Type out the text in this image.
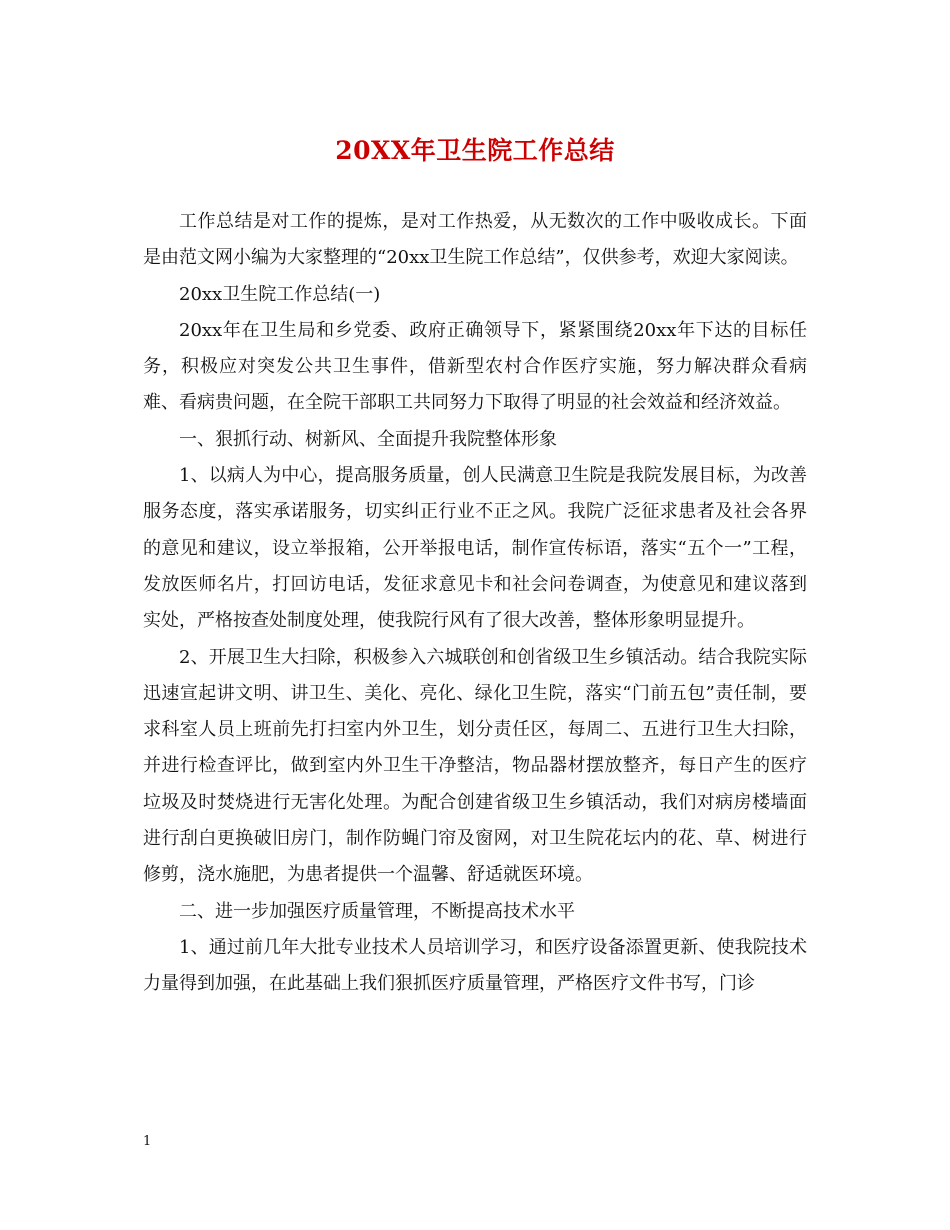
20XX年卫生院工作总结

工作总结是对工作的提炼，是对工作热爱，从无数次的工作中吸收成长。下面是由范文网小编为大家整理的“20xx卫生院工作总结”，仅供参考，欢迎大家阅读。

20xx卫生院工作总结(一)

20xx年在卫生局和乡党委、政府正确领导下，紧紧围绕20xx年下达的目标任务，积极应对突发公共卫生事件，借新型农村合作医疗实施，努力解决群众看病难、看病贵问题，在全院干部职工共同努力下取得了明显的社会效益和经济效益。

一、狠抓行动、树新风、全面提升我院整体形象

1、以病人为中心，提高服务质量，创人民满意卫生院是我院发展目标，为改善服务态度，落实承诺服务，切实纠正行业不正之风。我院广泛征求患者及社会各界的意见和建议，设立举报箱，公开举报电话，制作宣传标语，落实“五个一”工程，发放医师名片，打回访电话，发征求意见卡和社会问卷调查，为使意见和建议落到实处，严格按查处制度处理，使我院行风有了很大改善，整体形象明显提升。

2、开展卫生大扫除，积极参入六城联创和创省级卫生乡镇活动。结合我院实际迅速宣起讲文明、讲卫生、美化、亮化、绿化卫生院，落实“门前五包”责任制，要求科室人员上班前先打扫室内外卫生，划分责任区，每周二、五进行卫生大扫除，并进行检查评比，做到室内外卫生干净整洁，物品器材摆放整齐，每日产生的医疗垃圾及时焚烧进行无害化处理。为配合创建省级卫生乡镇活动，我们对病房楼墙面进行刮白更换破旧房门，制作防蝇门帘及窗网，对卫生院花坛内的花、草、树进行修剪，浇水施肥，为患者提供一个温馨、舒适就医环境。

二、进一步加强医疗质量管理，不断提高技术水平

1、通过前几年大批专业技术人员培训学习，和医疗设备添置更新、使我院技术力量得到加强，在此基础上我们狠抓医疗质量管理，严格医疗文件书写，门诊

1
